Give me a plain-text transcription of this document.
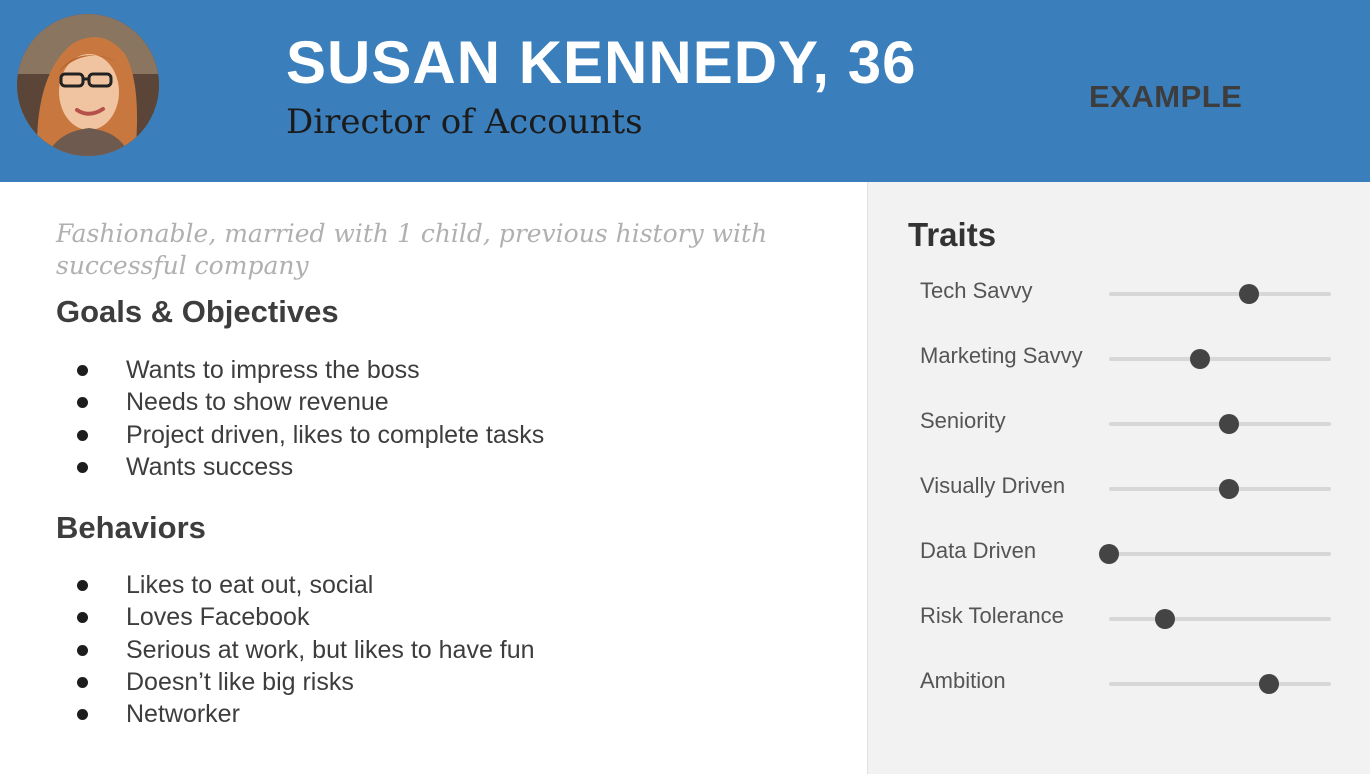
SUSAN KENNEDY, 36
Director of Accounts
EXAMPLE
Fashionable, married with 1 child, previous history with successful company
Goals & Objectives
Wants to impress the boss
Needs to show revenue
Project driven, likes to complete tasks
Wants success
Behaviors
Likes to eat out, social
Loves Facebook
Serious at work, but likes to have fun
Doesn’t like big risks
Networker
Traits
Tech Savvy
Marketing Savvy
Seniority
Visually Driven
Data Driven
Risk Tolerance
Ambition
